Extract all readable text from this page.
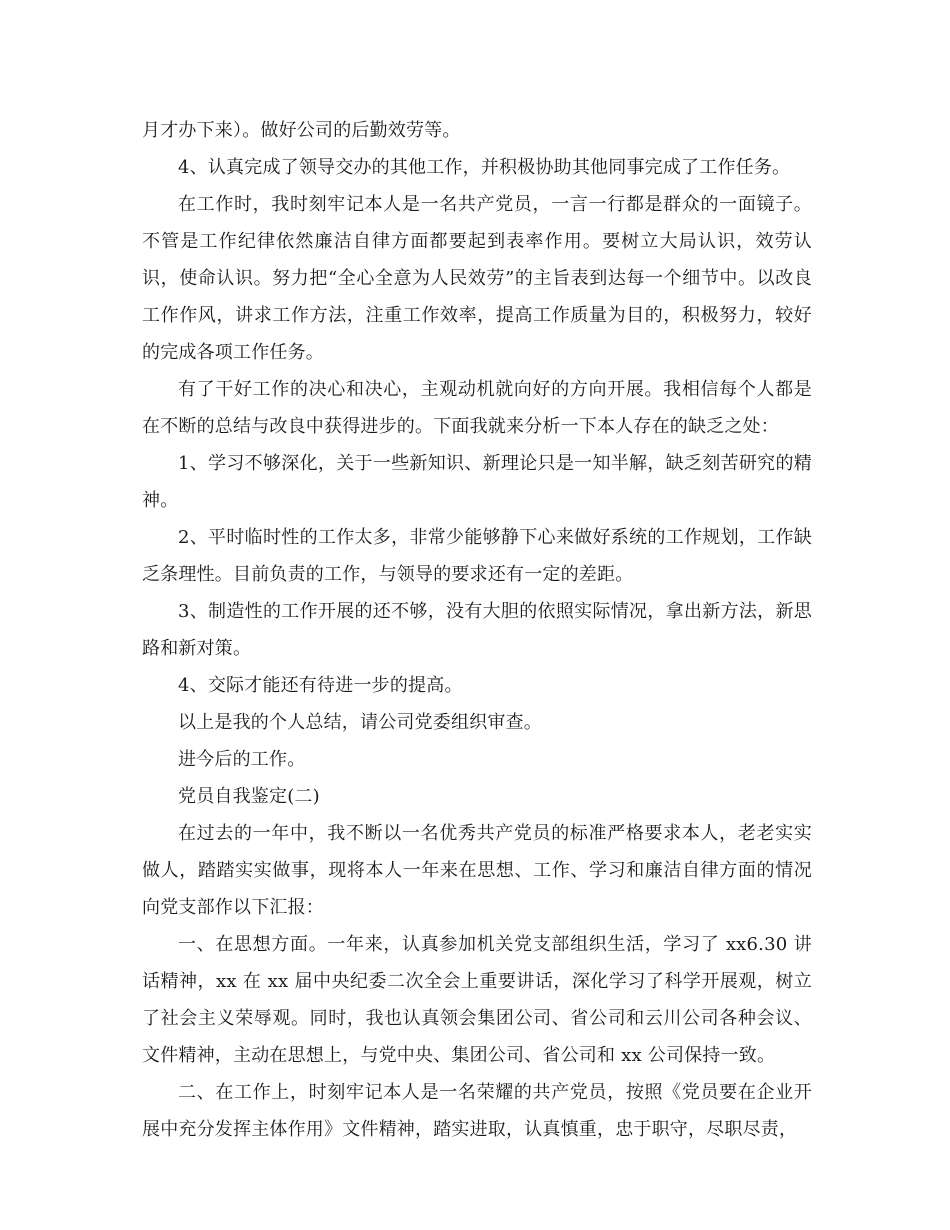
月才办下来）。做好公司的后勤效劳等。

4、认真完成了领导交办的其他工作，并积极协助其他同事完成了工作任务。

在工作时，我时刻牢记本人是一名共产党员，一言一行都是群众的一面镜子。不管是工作纪律依然廉洁自律方面都要起到表率作用。要树立大局认识，效劳认识，使命认识。努力把“全心全意为人民效劳”的主旨表到达每一个细节中。以改良工作作风，讲求工作方法，注重工作效率，提高工作质量为目的，积极努力，较好的完成各项工作任务。

有了干好工作的决心和决心，主观动机就向好的方向开展。我相信每个人都是在不断的总结与改良中获得进步的。下面我就来分析一下本人存在的缺乏之处：

1、学习不够深化，关于一些新知识、新理论只是一知半解，缺乏刻苦研究的精神。

2、平时临时性的工作太多，非常少能够静下心来做好系统的工作规划，工作缺乏条理性。目前负责的工作，与领导的要求还有一定的差距。

3、制造性的工作开展的还不够，没有大胆的依照实际情况，拿出新方法，新思路和新对策。

4、交际才能还有待进一步的提高。

以上是我的个人总结，请公司党委组织审查。

进今后的工作。

党员自我鉴定(二)

在过去的一年中，我不断以一名优秀共产党员的标准严格要求本人，老老实实做人，踏踏实实做事，现将本人一年来在思想、工作、学习和廉洁自律方面的情况向党支部作以下汇报：

一、在思想方面。一年来，认真参加机关党支部组织生活，学习了 xx6.30 讲话精神，xx 在 xx 届中央纪委二次全会上重要讲话，深化学习了科学开展观，树立了社会主义荣辱观。同时，我也认真领会集团公司、省公司和云川公司各种会议、文件精神，主动在思想上，与党中央、集团公司、省公司和 xx 公司保持一致。

二、在工作上，时刻牢记本人是一名荣耀的共产党员，按照《党员要在企业开展中充分发挥主体作用》文件精神，踏实进取，认真慎重，忠于职守，尽职尽责，
